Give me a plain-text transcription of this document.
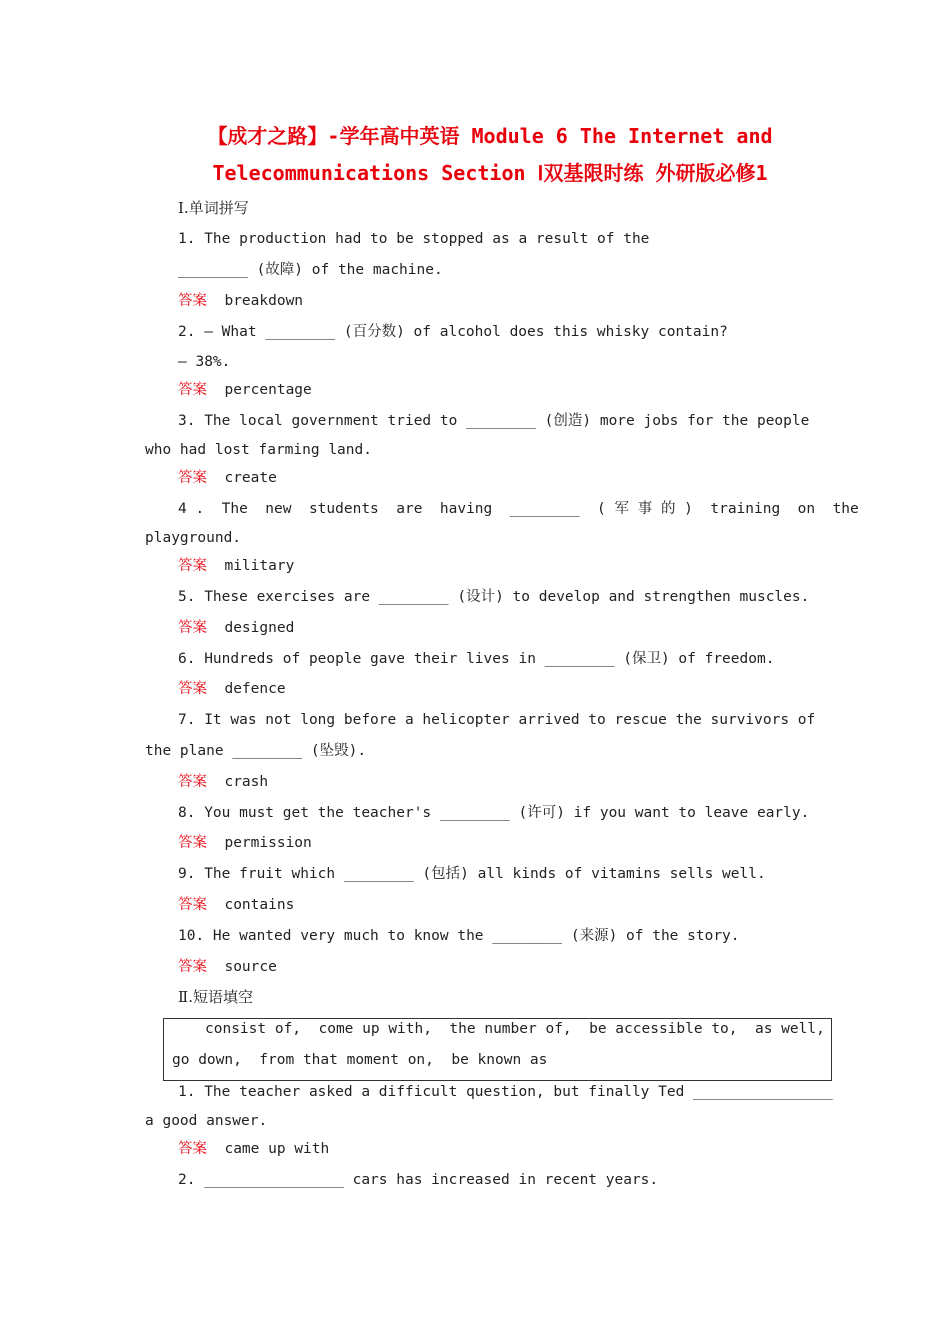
【成才之路】-学年高中英语 Module 6 The Internet and
Telecommunications Section Ⅰ双基限时练 外研版必修1
Ⅰ.单词拼写
1. The production had to be stopped as a result of the
________ (故障) of the machine.
答案 breakdown
2. — What ________ (百分数) of alcohol does this whisky contain?
— 38%.
答案 percentage
3. The local government tried to ________ (创造) more jobs for the people
who had lost farming land.
答案 create
4 .  The  new  students  are  having  ________  ( 军 事 的 )  training  on  the
playground.
答案 military
5. These exercises are ________ (设计) to develop and strengthen muscles.
答案 designed
6. Hundreds of people gave their lives in ________ (保卫) of freedom.
答案 defence
7. It was not long before a helicopter arrived to rescue the survivors of
the plane ________ (坠毁).
答案 crash
8. You must get the teacher's ________ (许可) if you want to leave early.
答案 permission
9. The fruit which ________ (包括) all kinds of vitamins sells well.
答案 contains
10. He wanted very much to know the ________ (来源) of the story.
答案 source
Ⅱ.短语填空
consist of,  come up with,  the number of,  be accessible to,  as well,
go down,  from that moment on,  be known as
1. The teacher asked a difficult question, but finally Ted ________________
a good answer.
答案 came up with
2. ________________ cars has increased in recent years.
